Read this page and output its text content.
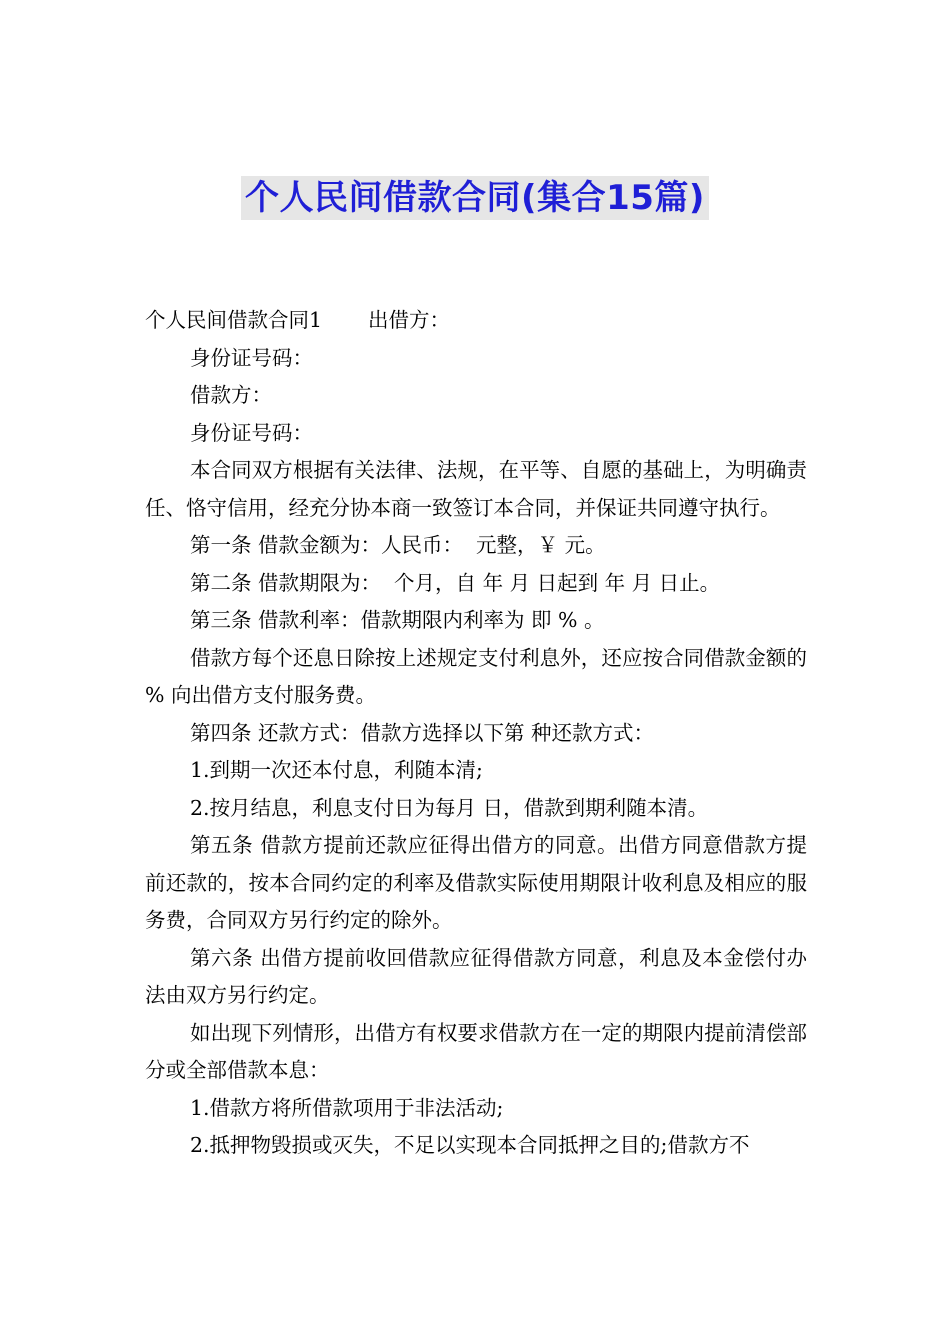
个人民间借款合同(集合15篇)

个人民间借款合同1 出借方：

身份证号码：

借款方：

身份证号码：

本合同双方根据有关法律、法规，在平等、自愿的基础上，为明确责任、恪守信用，经充分协本商一致签订本合同，并保证共同遵守执行。

第一条 借款金额为：人民币：  元整，￥ 元。

第二条 借款期限为：  个月，自 年 月 日起到 年 月 日止。

第三条 借款利率：借款期限内利率为 即 % 。

借款方每个还息日除按上述规定支付利息外，还应按合同借款金额的 % 向出借方支付服务费。

第四条 还款方式：借款方选择以下第 种还款方式：

1.到期一次还本付息，利随本清;

2.按月结息，利息支付日为每月 日，借款到期利随本清。

第五条 借款方提前还款应征得出借方的同意。出借方同意借款方提前还款的，按本合同约定的利率及借款实际使用期限计收利息及相应的服务费，合同双方另行约定的除外。

第六条 出借方提前收回借款应征得借款方同意，利息及本金偿付办法由双方另行约定。

如出现下列情形，出借方有权要求借款方在一定的期限内提前清偿部分或全部借款本息：

1.借款方将所借款项用于非法活动;

2.抵押物毁损或灭失，不足以实现本合同抵押之目的;借款方不
